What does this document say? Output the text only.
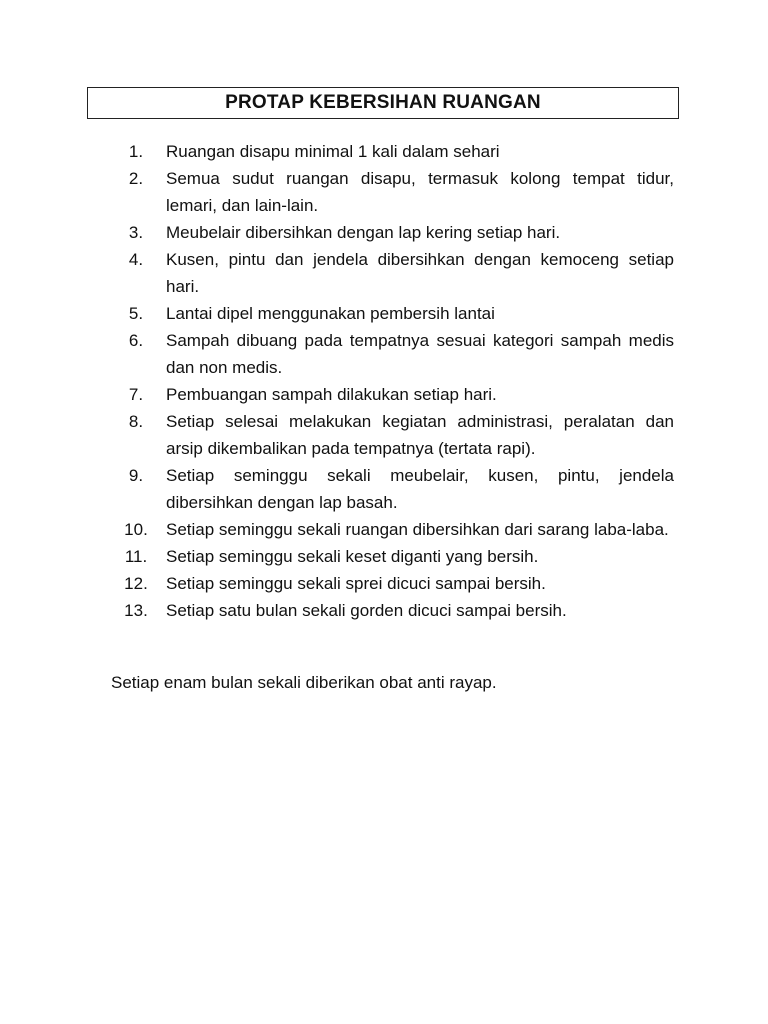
PROTAP KEBERSIHAN RUANGAN
1.	Ruangan disapu minimal 1 kali dalam sehari
2.	Semua sudut ruangan disapu, termasuk kolong tempat tidur, lemari, dan lain-lain.
3.	Meubelair dibersihkan dengan lap kering setiap hari.
4.	Kusen, pintu dan jendela dibersihkan dengan kemoceng setiap hari.
5.	Lantai dipel menggunakan pembersih lantai
6.	Sampah dibuang pada tempatnya sesuai kategori sampah medis dan non medis.
7.	Pembuangan sampah dilakukan setiap hari.
8.	Setiap selesai melakukan kegiatan administrasi, peralatan dan arsip dikembalikan pada tempatnya (tertata rapi).
9.	Setiap seminggu sekali meubelair, kusen, pintu, jendela dibersihkan dengan lap basah.
10.	Setiap seminggu sekali ruangan dibersihkan dari sarang laba-laba.
11.	Setiap seminggu sekali keset diganti yang bersih.
12.	Setiap seminggu sekali sprei dicuci sampai bersih.
13.	Setiap satu bulan sekali gorden dicuci sampai bersih.
Setiap enam bulan sekali diberikan obat anti rayap.
